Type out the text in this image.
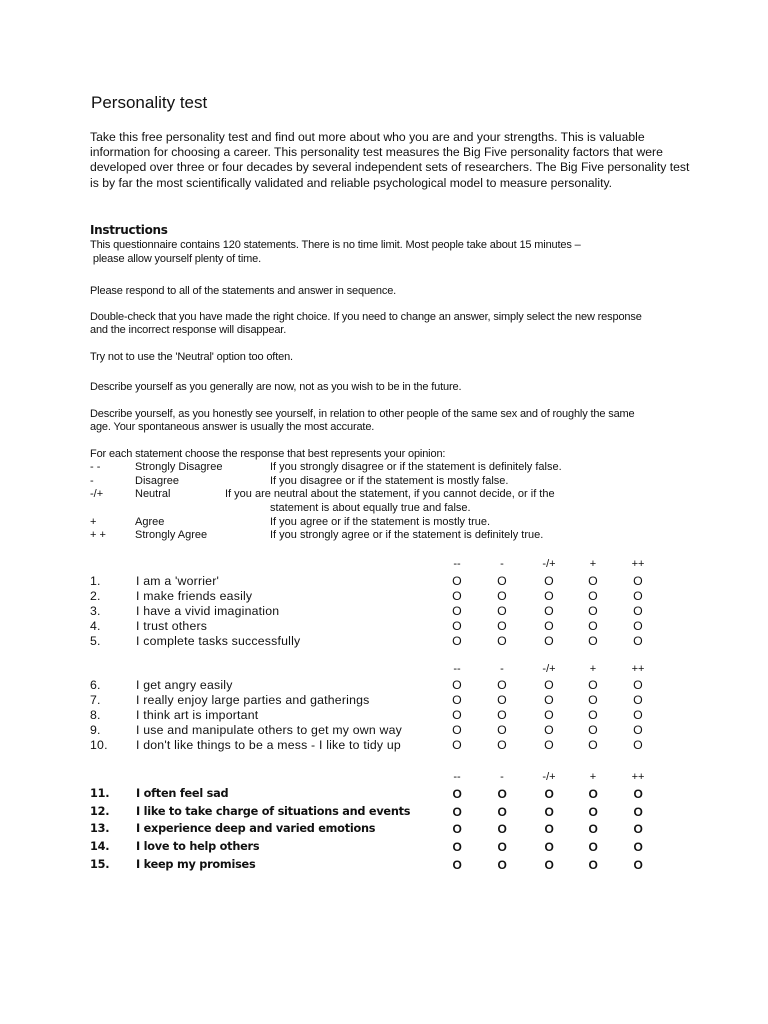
Personality test
Take this free personality test and find out more about who you are and your strengths. This is valuable information for choosing a career. This personality test measures the Big Five personality factors that were developed over three or four decades by several independent sets of researchers. The Big Five personality test is by far the most scientifically validated and reliable psychological model to measure personality.
Instructions
This questionnaire contains 120 statements. There is no time limit. Most people take about 15 minutes –
please allow yourself plenty of time.
Please respond to all of the statements and answer in sequence.
Double-check that you have made the right choice. If you need to change an answer, simply select the new response
and the incorrect response will disappear.
Try not to use the 'Neutral' option too often.
Describe yourself as you generally are now, not as you wish to be in the future.
Describe yourself, as you honestly see yourself, in relation to other people of the same sex and of roughly the same
age. Your spontaneous answer is usually the most accurate.
For each statement choose the response that best represents your opinion:
- -	Strongly Disagree	If you strongly disagree or if the statement is definitely false.
-	Disagree	If you disagree or if the statement is mostly false.
-/+	Neutral	If you are neutral about the statement, if you cannot decide, or if the
statement is about equally true and false.
+	Agree	If you agree or if the statement is mostly true.
+ +	Strongly Agree	If you strongly agree or if the statement is definitely true.
--	-	-/+	+	++
1.	I am a 'worrier'	O	O	O	O	O
2.	I make friends easily	O	O	O	O	O
3.	I have a vivid imagination	O	O	O	O	O
4.	I trust others	O	O	O	O	O
5.	I complete tasks successfully	O	O	O	O	O
--	-	-/+	+	++
6.	I get angry easily	O	O	O	O	O
7.	I really enjoy large parties and gatherings	O	O	O	O	O
8.	I think art is important	O	O	O	O	O
9.	I use and manipulate others to get my own way	O	O	O	O	O
10. I don't like things to be a mess - I like to tidy up	O	O	O	O	O
--	-	-/+	+	++
11. I often feel sad	O	O	O	O	O
12. I like to take charge of situations and events	O	O	O	O	O
13. I experience deep and varied emotions	O	O	O	O	O
14. I love to help others	O	O	O	O	O
15. I keep my promises	O	O	O	O	O
